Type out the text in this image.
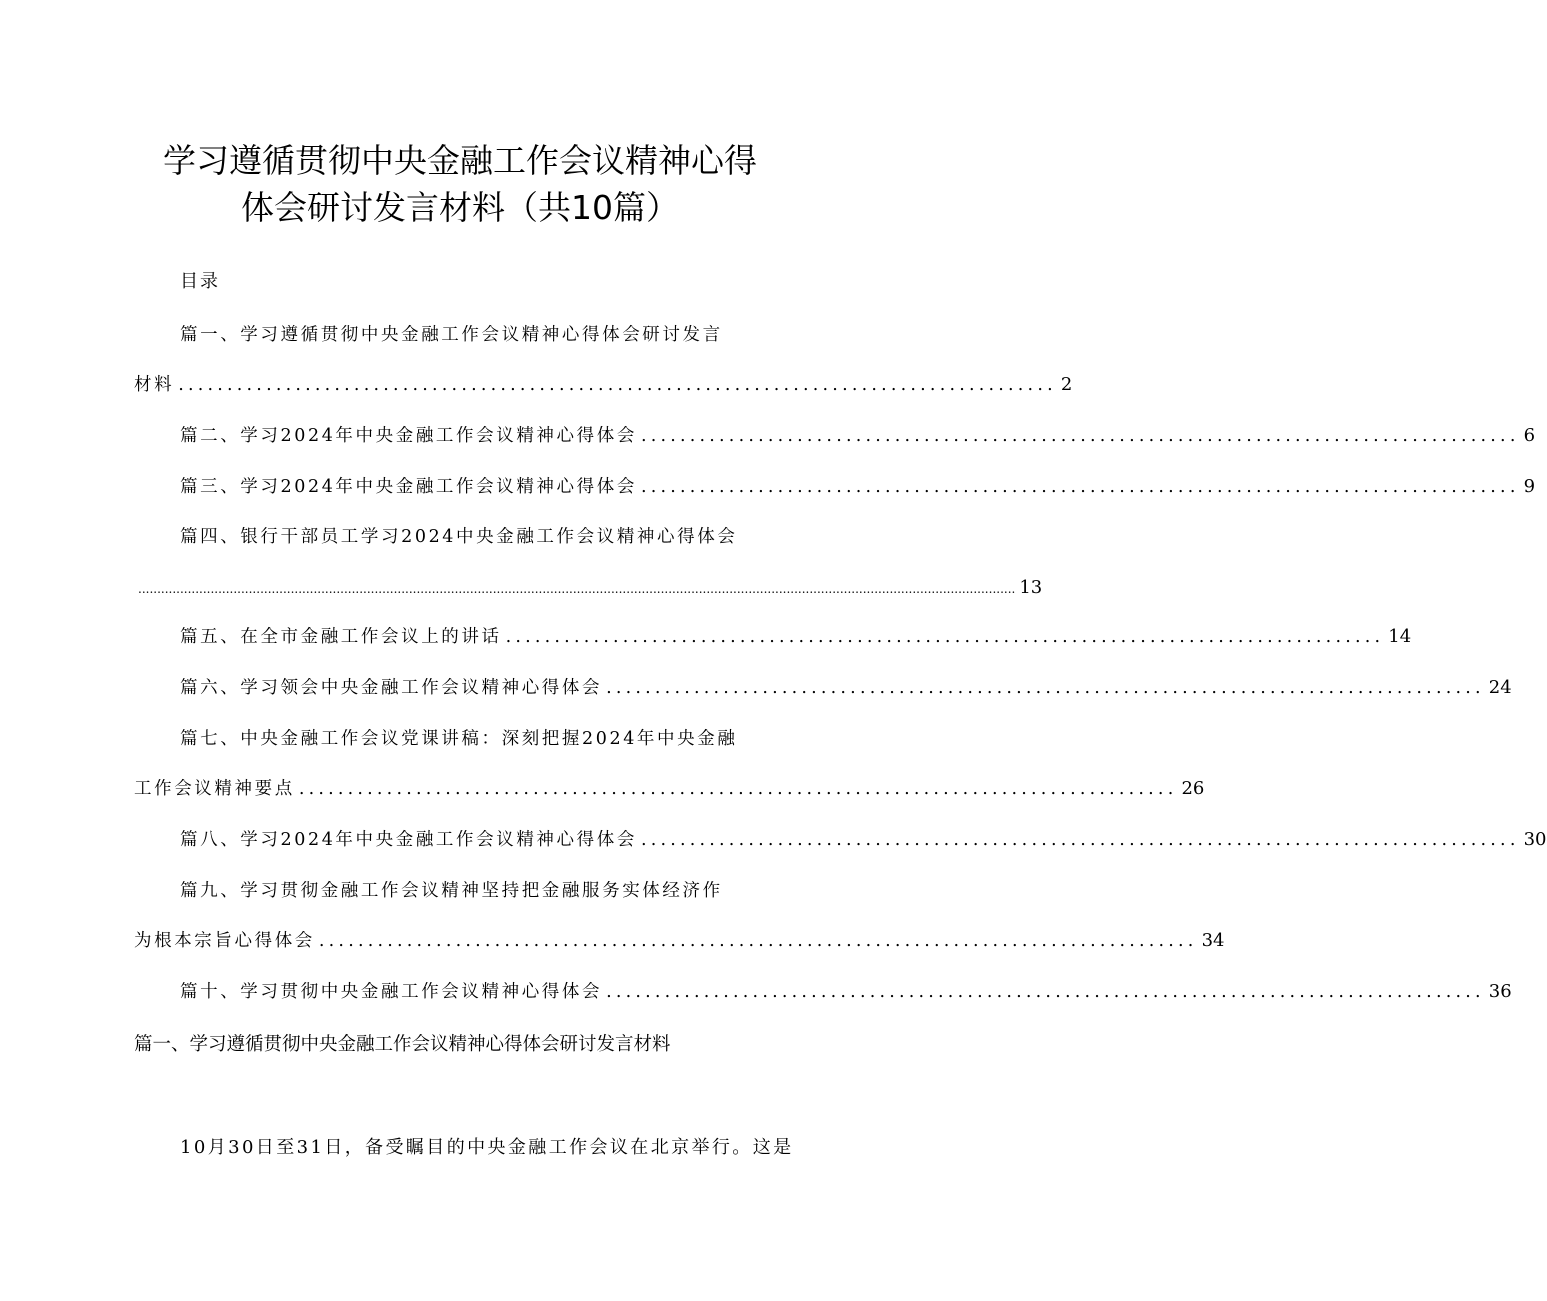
学习遵循贯彻中央金融工作会议精神心得
体会研讨发言材料（共10篇）
目录
篇一、学习遵循贯彻中央金融工作会议精神心得体会研讨发言
材料 .......................................................................................... 2
篇二、学习2024年中央金融工作会议精神心得体会 .......................................................................................... 6
篇三、学习2024年中央金融工作会议精神心得体会 .......................................................................................... 9
篇四、银行干部员工学习2024中央金融工作会议精神心得体会
...................................................................................................................................................................................................................................... 13
篇五、在全市金融工作会议上的讲话 .......................................................................................... 14
篇六、学习领会中央金融工作会议精神心得体会 .......................................................................................... 24
篇七、中央金融工作会议党课讲稿：深刻把握2024年中央金融
工作会议精神要点 .......................................................................................... 26
篇八、学习2024年中央金融工作会议精神心得体会 .......................................................................................... 30
篇九、学习贯彻金融工作会议精神坚持把金融服务实体经济作
为根本宗旨心得体会 .......................................................................................... 34
篇十、学习贯彻中央金融工作会议精神心得体会 .......................................................................................... 36
篇一、学习遵循贯彻中央金融工作会议精神心得体会研讨发言材料
10月30日至31日，备受瞩目的中央金融工作会议在北京举行。这是
